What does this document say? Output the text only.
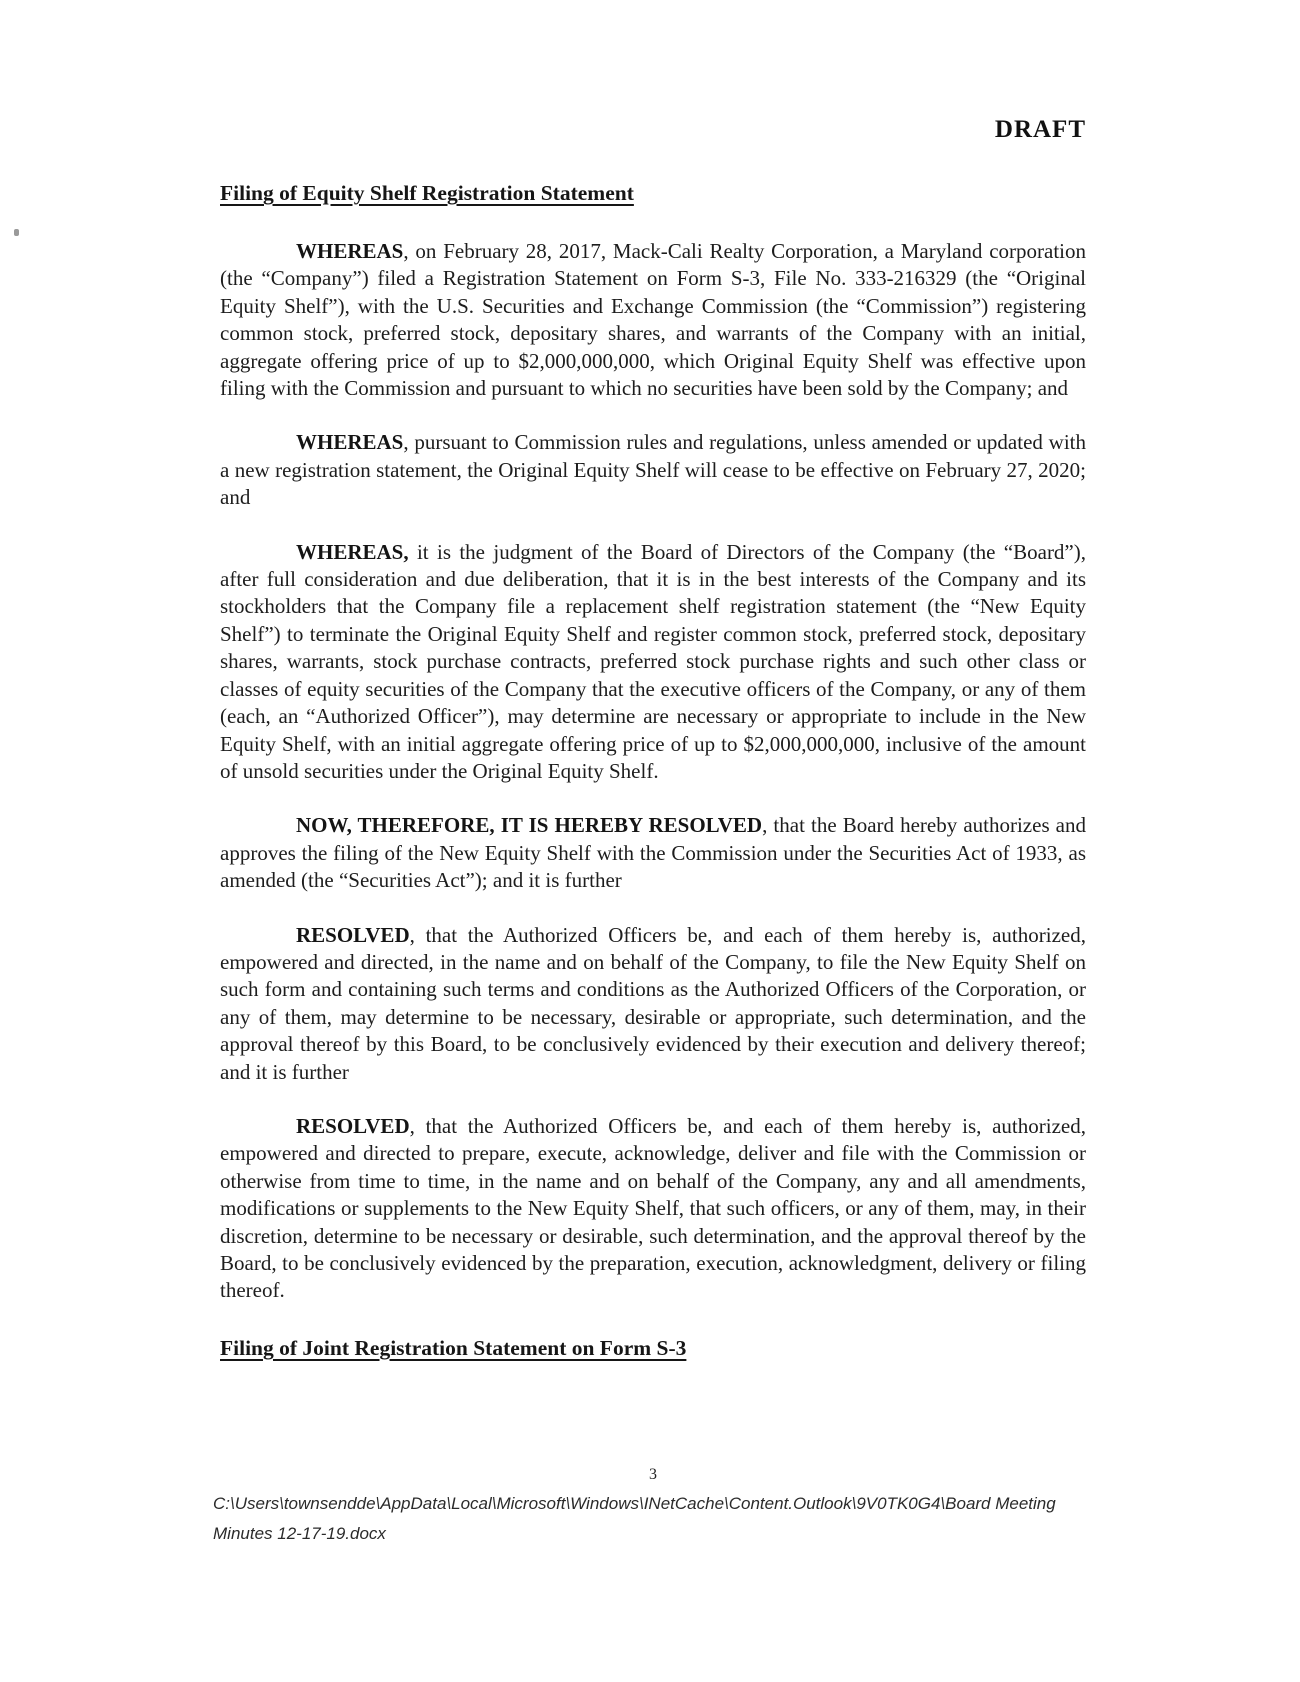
DRAFT
Filing of Equity Shelf Registration Statement

WHEREAS, on February 28, 2017, Mack-Cali Realty Corporation, a Maryland corporation (the “Company”) filed a Registration Statement on Form S-3, File No. 333-216329 (the “Original Equity Shelf”), with the U.S. Securities and Exchange Commission (the “Commission”) registering common stock, preferred stock, depositary shares, and warrants of the Company with an initial, aggregate offering price of up to $2,000,000,000, which Original Equity Shelf was effective upon filing with the Commission and pursuant to which no securities have been sold by the Company; and

WHEREAS, pursuant to Commission rules and regulations, unless amended or updated with a new registration statement, the Original Equity Shelf will cease to be effective on February 27, 2020; and

WHEREAS, it is the judgment of the Board of Directors of the Company (the “Board”), after full consideration and due deliberation, that it is in the best interests of the Company and its stockholders that the Company file a replacement shelf registration statement (the “New Equity Shelf”) to terminate the Original Equity Shelf and register common stock, preferred stock, depositary shares, warrants, stock purchase contracts, preferred stock purchase rights and such other class or classes of equity securities of the Company that the executive officers of the Company, or any of them (each, an “Authorized Officer”), may determine are necessary or appropriate to include in the New Equity Shelf, with an initial aggregate offering price of up to $2,000,000,000, inclusive of the amount of unsold securities under the Original Equity Shelf.

NOW, THEREFORE, IT IS HEREBY RESOLVED, that the Board hereby authorizes and approves the filing of the New Equity Shelf with the Commission under the Securities Act of 1933, as amended (the “Securities Act”); and it is further

RESOLVED, that the Authorized Officers be, and each of them hereby is, authorized, empowered and directed, in the name and on behalf of the Company, to file the New Equity Shelf on such form and containing such terms and conditions as the Authorized Officers of the Corporation, or any of them, may determine to be necessary, desirable or appropriate, such determination, and the approval thereof by this Board, to be conclusively evidenced by their execution and delivery thereof; and it is further

RESOLVED, that the Authorized Officers be, and each of them hereby is, authorized, empowered and directed to prepare, execute, acknowledge, deliver and file with the Commission or otherwise from time to time, in the name and on behalf of the Company, any and all amendments, modifications or supplements to the New Equity Shelf, that such officers, or any of them, may, in their discretion, determine to be necessary or desirable, such determination, and the approval thereof by the Board, to be conclusively evidenced by the preparation, execution, acknowledgment, delivery or filing thereof.

Filing of Joint Registration Statement on Form S-3
3
C:\Users\townsendde\AppData\Local\Microsoft\Windows\INetCache\Content.Outlook\9V0TK0G4\Board Meeting Minutes 12-17-19.docx
